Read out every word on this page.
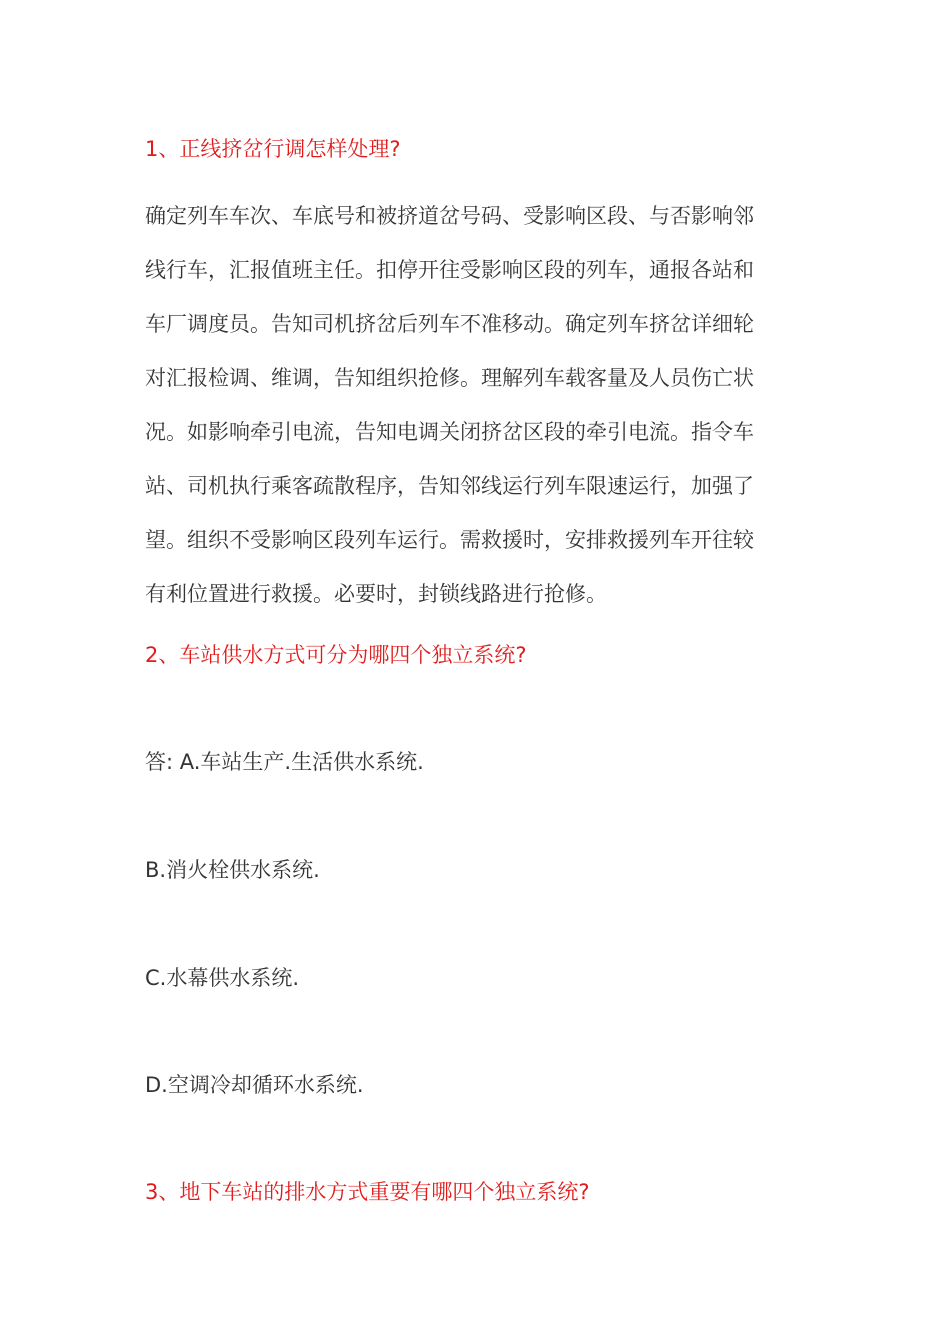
1、正线挤岔行调怎样处理?
确定列车车次、车底号和被挤道岔号码、受影响区段、与否影响邻
线行车，汇报值班主任。扣停开往受影响区段的列车，通报各站和
车厂调度员。告知司机挤岔后列车不准移动。确定列车挤岔详细轮
对汇报检调、维调，告知组织抢修。理解列车载客量及人员伤亡状
况。如影响牵引电流，告知电调关闭挤岔区段的牵引电流。指令车
站、司机执行乘客疏散程序，告知邻线运行列车限速运行，加强了
望。组织不受影响区段列车运行。需救援时，安排救援列车开往较
有利位置进行救援。必要时，封锁线路进行抢修。
2、车站供水方式可分为哪四个独立系统?
答: A.车站生产.生活供水系统.
B.消火栓供水系统.
C.水幕供水系统.
D.空调冷却循环水系统.
3、地下车站的排水方式重要有哪四个独立系统?
